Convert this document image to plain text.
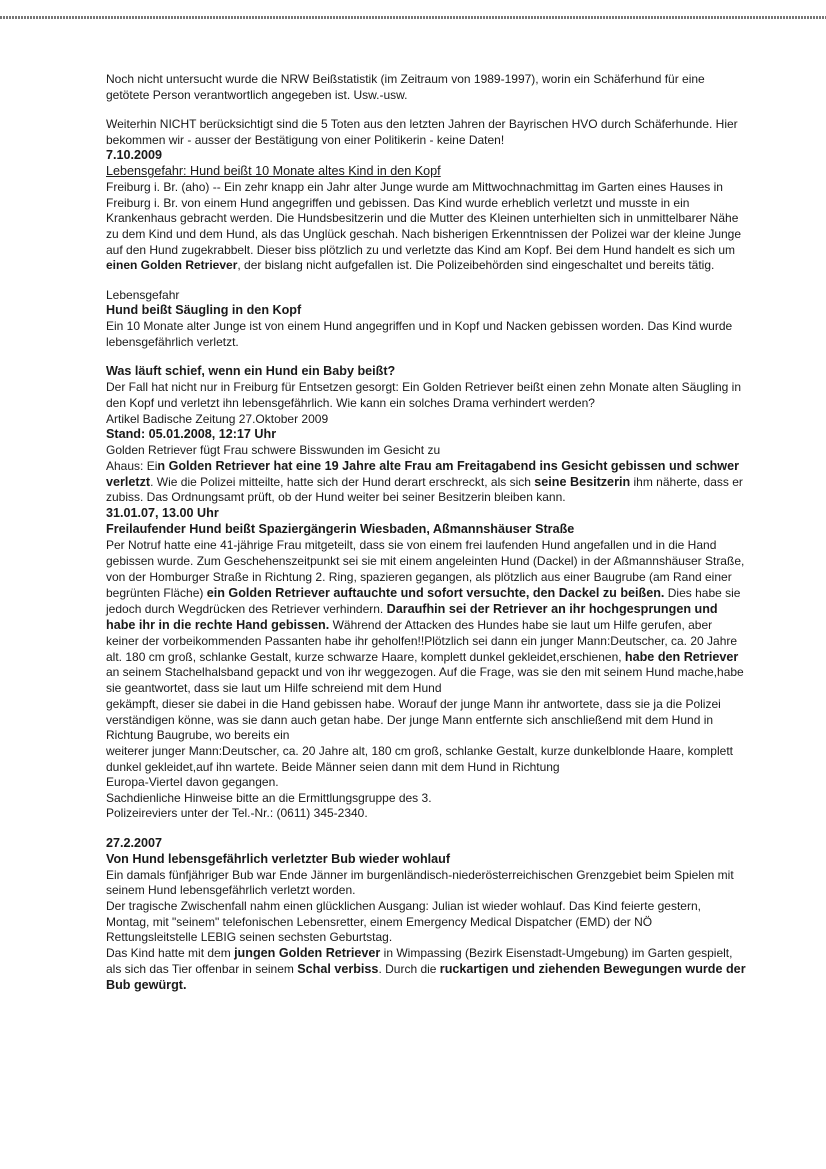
Noch nicht untersucht wurde die NRW Beißstatistik (im Zeitraum von 1989-1997), worin ein Schäferhund für eine getötete Person verantwortlich angegeben ist. Usw.-usw.

Weiterhin NICHT berücksichtigt sind die 5 Toten aus den letzten Jahren der Bayrischen HVO durch Schäferhunde. Hier bekommen wir - ausser der Bestätigung von einer Politikerin - keine Daten!

7.10.2009

Lebensgefahr: Hund beißt 10 Monate altes Kind in den Kopf

Freiburg i. Br. (aho) -- Ein zehr knapp ein Jahr alter Junge wurde am Mittwochnachmittag im Garten eines Hauses in Freiburg i. Br. von einem Hund angegriffen und gebissen. Das Kind wurde erheblich verletzt und musste in ein Krankenhaus gebracht werden. Die Hundsbesitzerin und die Mutter des Kleinen unterhielten sich in unmittelbarer Nähe zu dem Kind und dem Hund, als das Unglück geschah. Nach bisherigen Erkenntnissen der Polizei war der kleine Junge auf den Hund zugekrabbelt. Dieser biss plötzlich zu und verletzte das Kind am Kopf. Bei dem Hund handelt es sich um einen Golden Retriever, der bislang nicht aufgefallen ist. Die Polizeibehörden sind eingeschaltet und bereits tätig.

Lebensgefahr

Hund beißt Säugling in den Kopf

Ein 10 Monate alter Junge ist von einem Hund angegriffen und in Kopf und Nacken gebissen worden. Das Kind wurde lebensgefährlich verletzt.

Was läuft schief, wenn ein Hund ein Baby beißt?

Der Fall hat nicht nur in Freiburg für Entsetzen gesorgt: Ein Golden Retriever beißt einen zehn Monate alten Säugling in den Kopf und verletzt ihn lebensgefährlich. Wie kann ein solches Drama verhindert werden?

Artikel Badische Zeitung 27.Oktober 2009

Stand: 05.01.2008, 12:17 Uhr

Golden Retriever fügt Frau schwere Bisswunden im Gesicht zu

Ahaus: Ein Golden Retriever hat eine 19 Jahre alte Frau am Freitagabend ins Gesicht gebissen und schwer verletzt. Wie die Polizei mitteilte, hatte sich der Hund derart erschreckt, als sich seine Besitzerin ihm näherte, dass er zubiss. Das Ordnungsamt prüft, ob der Hund weiter bei seiner Besitzerin bleiben kann.

31.01.07, 13.00 Uhr

Freilaufender Hund beißt Spaziergängerin Wiesbaden, Aßmannshäuser Straße

Per Notruf hatte eine 41-jährige Frau mitgeteilt, dass sie von einem frei laufenden Hund angefallen und in die Hand gebissen wurde. Zum Geschehenszeitpunkt sei sie mit einem angeleinten Hund (Dackel) in der Aßmannshäuser Straße, von der Homburger Straße in Richtung 2. Ring, spazieren gegangen, als plötzlich aus einer Baugrube (am Rand einer begrünten Fläche) ein Golden Retriever auftauchte und sofort versuchte, den Dackel zu beißen. Dies habe sie jedoch durch Wegdrücken des Retriever verhindern. Daraufhin sei der Retriever an ihr hochgesprungen und habe ihr in die rechte Hand gebissen. Während der Attacken des Hundes habe sie laut um Hilfe gerufen, aber keiner der vorbeikommenden Passanten habe ihr geholfen!!Plötzlich sei dann ein junger Mann:Deutscher, ca. 20 Jahre alt. 180 cm groß, schlanke Gestalt, kurze schwarze Haare, komplett dunkel gekleidet,erschienen, habe den Retriever an seinem Stachelhalsband gepackt und von ihr weggezogen. Auf die Frage, was sie den mit seinem Hund mache,habe sie geantwortet, dass sie laut um Hilfe schreiend mit dem Hund

gekämpft, dieser sie dabei in die Hand gebissen habe. Worauf der junge Mann ihr antwortete, dass sie ja die Polizei verständigen könne, was sie dann auch getan habe. Der junge Mann entfernte sich anschließend mit dem Hund in Richtung Baugrube, wo bereits ein

weiterer junger Mann:Deutscher, ca. 20 Jahre alt, 180 cm groß, schlanke Gestalt, kurze dunkelblonde Haare, komplett dunkel gekleidet,auf ihn wartete. Beide Männer seien dann mit dem Hund in Richtung

Europa-Viertel davon gegangen.

Sachdienliche Hinweise bitte an die Ermittlungsgruppe des 3.

Polizeireviers unter der Tel.-Nr.: (0611) 345-2340.

27.2.2007

Von Hund lebensgefährlich verletzter Bub wieder wohlauf

Ein damals fünfjähriger Bub war Ende Jänner im burgenländisch-niederösterreichischen Grenzgebiet beim Spielen mit seinem Hund lebensgefährlich verletzt worden.

Der tragische Zwischenfall nahm einen glücklichen Ausgang: Julian ist wieder wohlauf. Das Kind feierte gestern, Montag, mit "seinem" telefonischen Lebensretter, einem Emergency Medical Dispatcher (EMD) der NÖ Rettungsleitstelle LEBIG seinen sechsten Geburtstag.

Das Kind hatte mit dem jungen Golden Retriever in Wimpassing (Bezirk Eisenstadt-Umgebung) im Garten gespielt, als sich das Tier offenbar in seinem Schal verbiss. Durch die ruckartigen und ziehenden Bewegungen wurde der Bub gewürgt.
